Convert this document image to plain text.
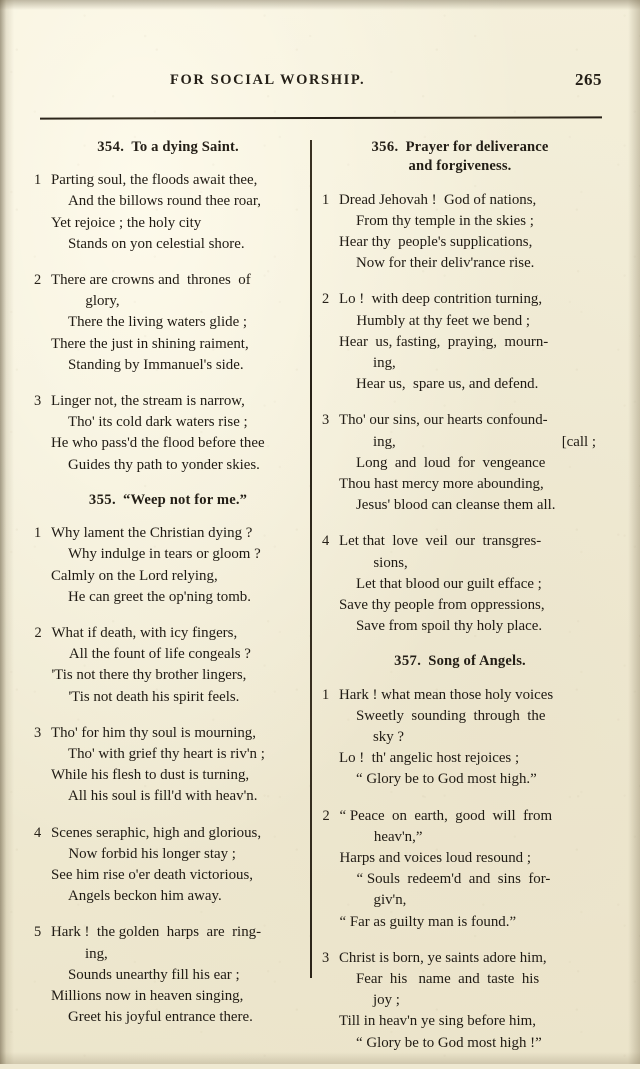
FOR SOCIAL WORSHIP.	265
354. To a dying Saint.
1 Parting soul, the floods await thee,
And the billows round thee roar,
Yet rejoice ; the holy city
Stands on yon celestial shore.
2 There are crowns and  thrones  of
glory,
There the living waters glide ;
There the just in shining raiment,
Standing by Immanuel's side.
3 Linger not, the stream is narrow,
Tho' its cold dark waters rise ;
He who pass'd the flood before thee
Guides thy path to yonder skies.
355. “Weep not for me.”
1 Why lament the Christian dying ?
Why indulge in tears or gloom ?
Calmly on the Lord relying,
He can greet the op'ning tomb.
2 What if death, with icy fingers,
All the fount of life congeals ?
'Tis not there thy brother lingers,
'Tis not death his spirit feels.
3 Tho' for him thy soul is mourning,
Tho' with grief thy heart is riv'n ;
While his flesh to dust is turning,
All his soul is fill'd with heav'n.
4 Scenes seraphic, high and glorious,
Now forbid his longer stay ;
See him rise o'er death victorious,
Angels beckon him away.
5 Hark !  the golden  harps  are  ring-
ing,
Sounds unearthy fill his ear ;
Millions now in heaven singing,
Greet his joyful entrance there.
356. Prayer for deliverance
and forgiveness.
1 Dread Jehovah !  God of nations,
From thy temple in the skies ;
Hear thy  people's supplications,
Now for their deliv'rance rise.
2 Lo !  with deep contrition turning,
Humbly at thy feet we bend ;
Hear  us, fasting,  praying,  mourn-
ing,
Hear us,  spare us, and defend.
3 Tho' our sins, our hearts confound-
ing,	[call ;
Long  and  loud  for  vengeance
Thou hast mercy more abounding,
Jesus' blood can cleanse them all.
4 Let that  love  veil  our  transgres-
sions,
Let that blood our guilt efface ;
Save thy people from oppressions,
Save from spoil thy holy place.
357. Song of Angels.
1 Hark ! what mean those holy voices
Sweetly  sounding  through  the
sky ?
Lo !  th' angelic host rejoices ;
“ Glory be to God most high.”
2 “ Peace  on  earth,  good  will  from
heav'n,”
Harps and voices loud resound ;
“ Souls  redeem'd  and  sins  for-
giv'n,
“ Far as guilty man is found.”
3 Christ is born, ye saints adore him,
Fear  his   name  and  taste  his
joy ;
Till in heav'n ye sing before him,
“ Glory be to God most high !”
